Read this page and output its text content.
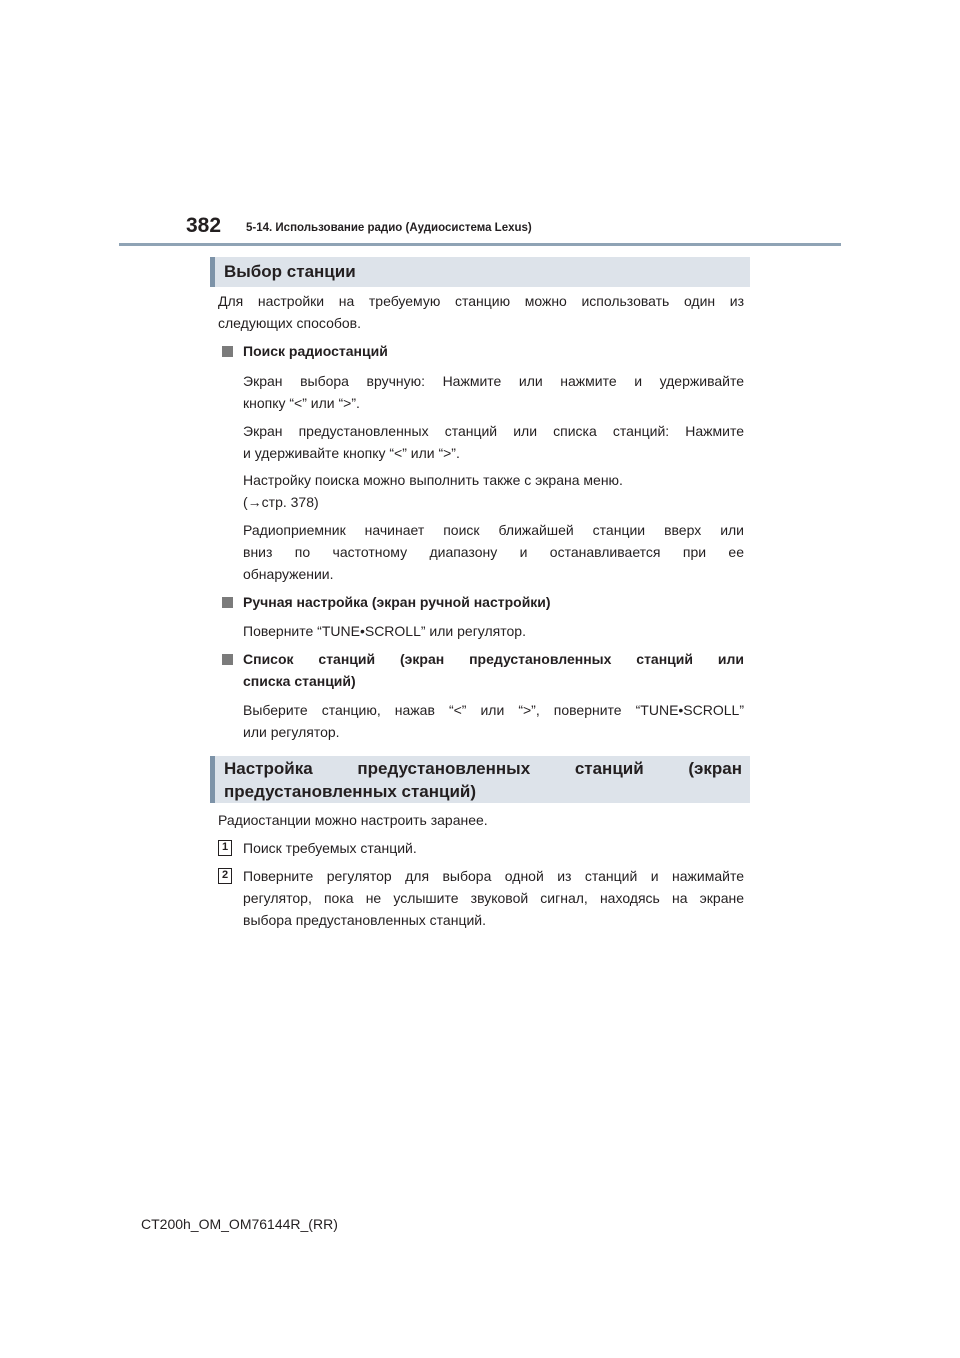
382 5-14. Использование радио (Аудиосистема Lexus)
Выбор станции
Для настройки на требуемую станцию можно использовать один из
следующих способов.
Поиск радиостанций
Экран выбора вручную: Нажмите или нажмите и удерживайте
кнопку “<” или “>”.
Экран предустановленных станций или списка станций: Нажмите
и удерживайте кнопку “<” или “>”.
Настройку поиска можно выполнить также с экрана меню.
(→стр. 378)
Радиоприемник начинает поиск ближайшей станции вверх или
вниз по частотному диапазону и останавливается при ее
обнаружении.
Ручная настройка (экран ручной настройки)
Поверните “TUNE•SCROLL” или регулятор.
Список станций (экран предустановленных станций или
списка станций)
Выберите станцию, нажав “<” или “>”, поверните “TUNE•SCROLL”
или регулятор.
Настройка предустановленных станций (экран
предустановленных станций)
Радиостанции можно настроить заранее.
1 Поиск требуемых станций.
2 Поверните регулятор для выбора одной из станций и нажимайте
регулятор, пока не услышите звуковой сигнал, находясь на экране
выбора предустановленных станций.
CT200h_OM_OM76144R_(RR)
